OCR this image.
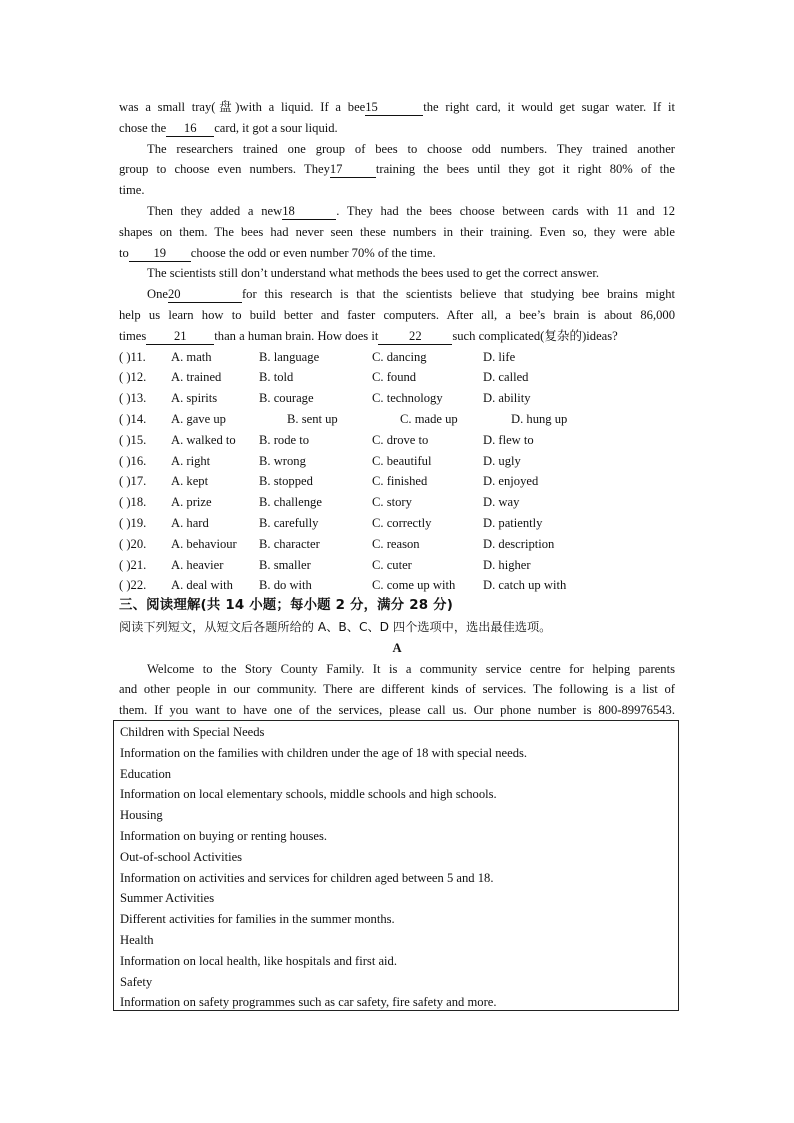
was a small tray(盘)with a liquid. If a bee15	the right card, it would get sugar water. If it
chose the 16 card, it got a sour liquid.
The researchers trained one group of bees to choose odd numbers. They trained another
group to choose even numbers. They17	training the bees until they got it right 80% of the
time.
Then they added a new18	. They had the bees choose between cards with 11 and 12
shapes on them. The bees had never seen these numbers in their training. Even so, they were able
to 19 choose the odd or even number 70% of the time.
The scientists still don’t understand what methods the bees used to get the correct answer.
One20	for this research is that the scientists believe that studying bee brains might
help us learn how to build better and faster computers. After all, a bee’s brain is about 86,000
times 21 than a human brain. How does it 22 such complicated(复杂的)ideas?
( )11. A. math	B. language	C. dancing	D. life
( )12. A. trained	B. told	C. found	D. called
( )13. A. spirits	B. courage	C. technology	D. ability
( )14. A. gave up	B. sent up	C. made up	D. hung up
( )15. A. walked to B. rode to	C. drove to	D. flew to
( )16. A. right	B. wrong	C. beautiful	D. ugly
( )17. A. kept	B. stopped	C. finished	D. enjoyed
( )18. A. prize	B. challenge	C. story	D. way
( )19. A. hard	B. carefully	C. correctly	D. patiently
( )20. A. behaviour B. character	C. reason	D. description
( )21. A. heavier	B. smaller	C. cuter	D. higher
( )22. A. deal with B. do with	C. come up with D. catch up with
三、阅读理解(共 14 小题；每小题 2 分，满分 28 分)
阅读下列短文，从短文后各题所给的 A、B、C、D 四个选项中，选出最佳选项。
A
Welcome to the Story County Family. It is a community service centre for helping parents
and other people in our community. There are different kinds of services. The following is a list of
them. If you want to have one of the services, please call us. Our phone number is 800-89976543.
Children with Special Needs
Information on the families with children under the age of 18 with special needs.
Education
Information on local elementary schools, middle schools and high schools.
Housing
Information on buying or renting houses.
Out-of-school Activities
Information on activities and services for children aged between 5 and 18.
Summer Activities
Different activities for families in the summer months.
Health
Information on local health, like hospitals and first aid.
Safety
Information on safety programmes such as car safety, fire safety and more.
